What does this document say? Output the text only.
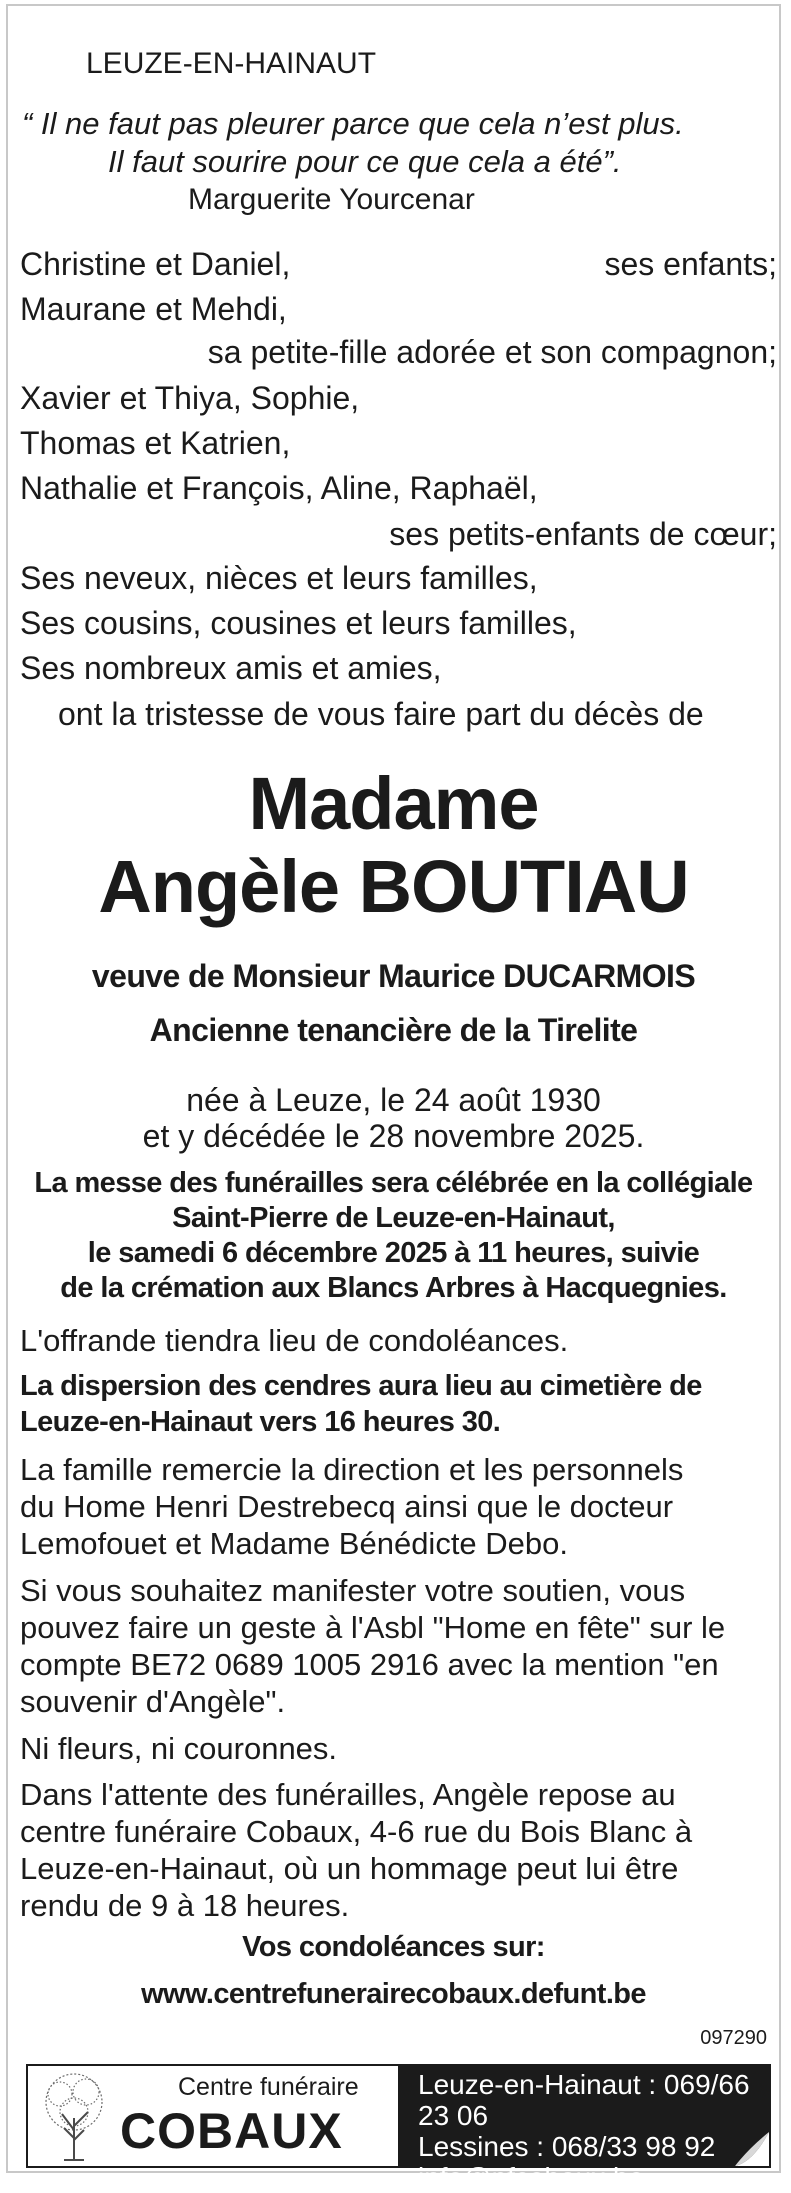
LEUZE-EN-HAINAUT
“ Il ne faut pas pleurer parce que cela n’est plus.
Il faut sourire pour ce que cela a été”.
Marguerite Yourcenar
Christine et Daniel,	ses enfants;
Maurane et Mehdi,
sa petite-fille adorée et son compagnon;
Xavier et Thiya, Sophie,
Thomas et Katrien,
Nathalie et François, Aline, Raphaël,
ses petits-enfants de cœur;
Ses neveux, nièces et leurs familles,
Ses cousins, cousines et leurs familles,
Ses nombreux amis et amies,
ont la tristesse de vous faire part du décès de
Madame
Angèle BOUTIAU
veuve de Monsieur Maurice DUCARMOIS
Ancienne tenancière de la Tirelite
née à Leuze, le 24 août 1930
et y décédée le 28 novembre 2025.
La messe des funérailles sera célébrée en la collégiale
Saint-Pierre de Leuze-en-Hainaut,
le samedi 6 décembre 2025 à 11 heures, suivie
de la crémation aux Blancs Arbres à Hacquegnies.
L'offrande tiendra lieu de condoléances.
La dispersion des cendres aura lieu au cimetière de
Leuze-en-Hainaut vers 16 heures 30.
La famille remercie la direction et les personnels
du Home Henri Destrebecq ainsi que le docteur
Lemofouet et Madame Bénédicte Debo.
Si vous souhaitez manifester votre soutien, vous
pouvez faire un geste à l'Asbl "Home en fête" sur le
compte BE72 0689 1005 2916 avec la mention "en
souvenir d'Angèle".
Ni fleurs, ni couronnes.
Dans l'attente des funérailles, Angèle repose au
centre funéraire Cobaux, 4-6 rue du Bois Blanc à
Leuze-en-Hainaut, où un hommage peut lui être
rendu de 9 à 18 heures.
Vos condoléances sur:
www.centrefunerairecobaux.defunt.be
097290
Centre funéraire
COBAUX
Leuze-en-Hainaut : 069/66 23 06
Lessines : 068/33 98 92
info@pfcobaux.be
